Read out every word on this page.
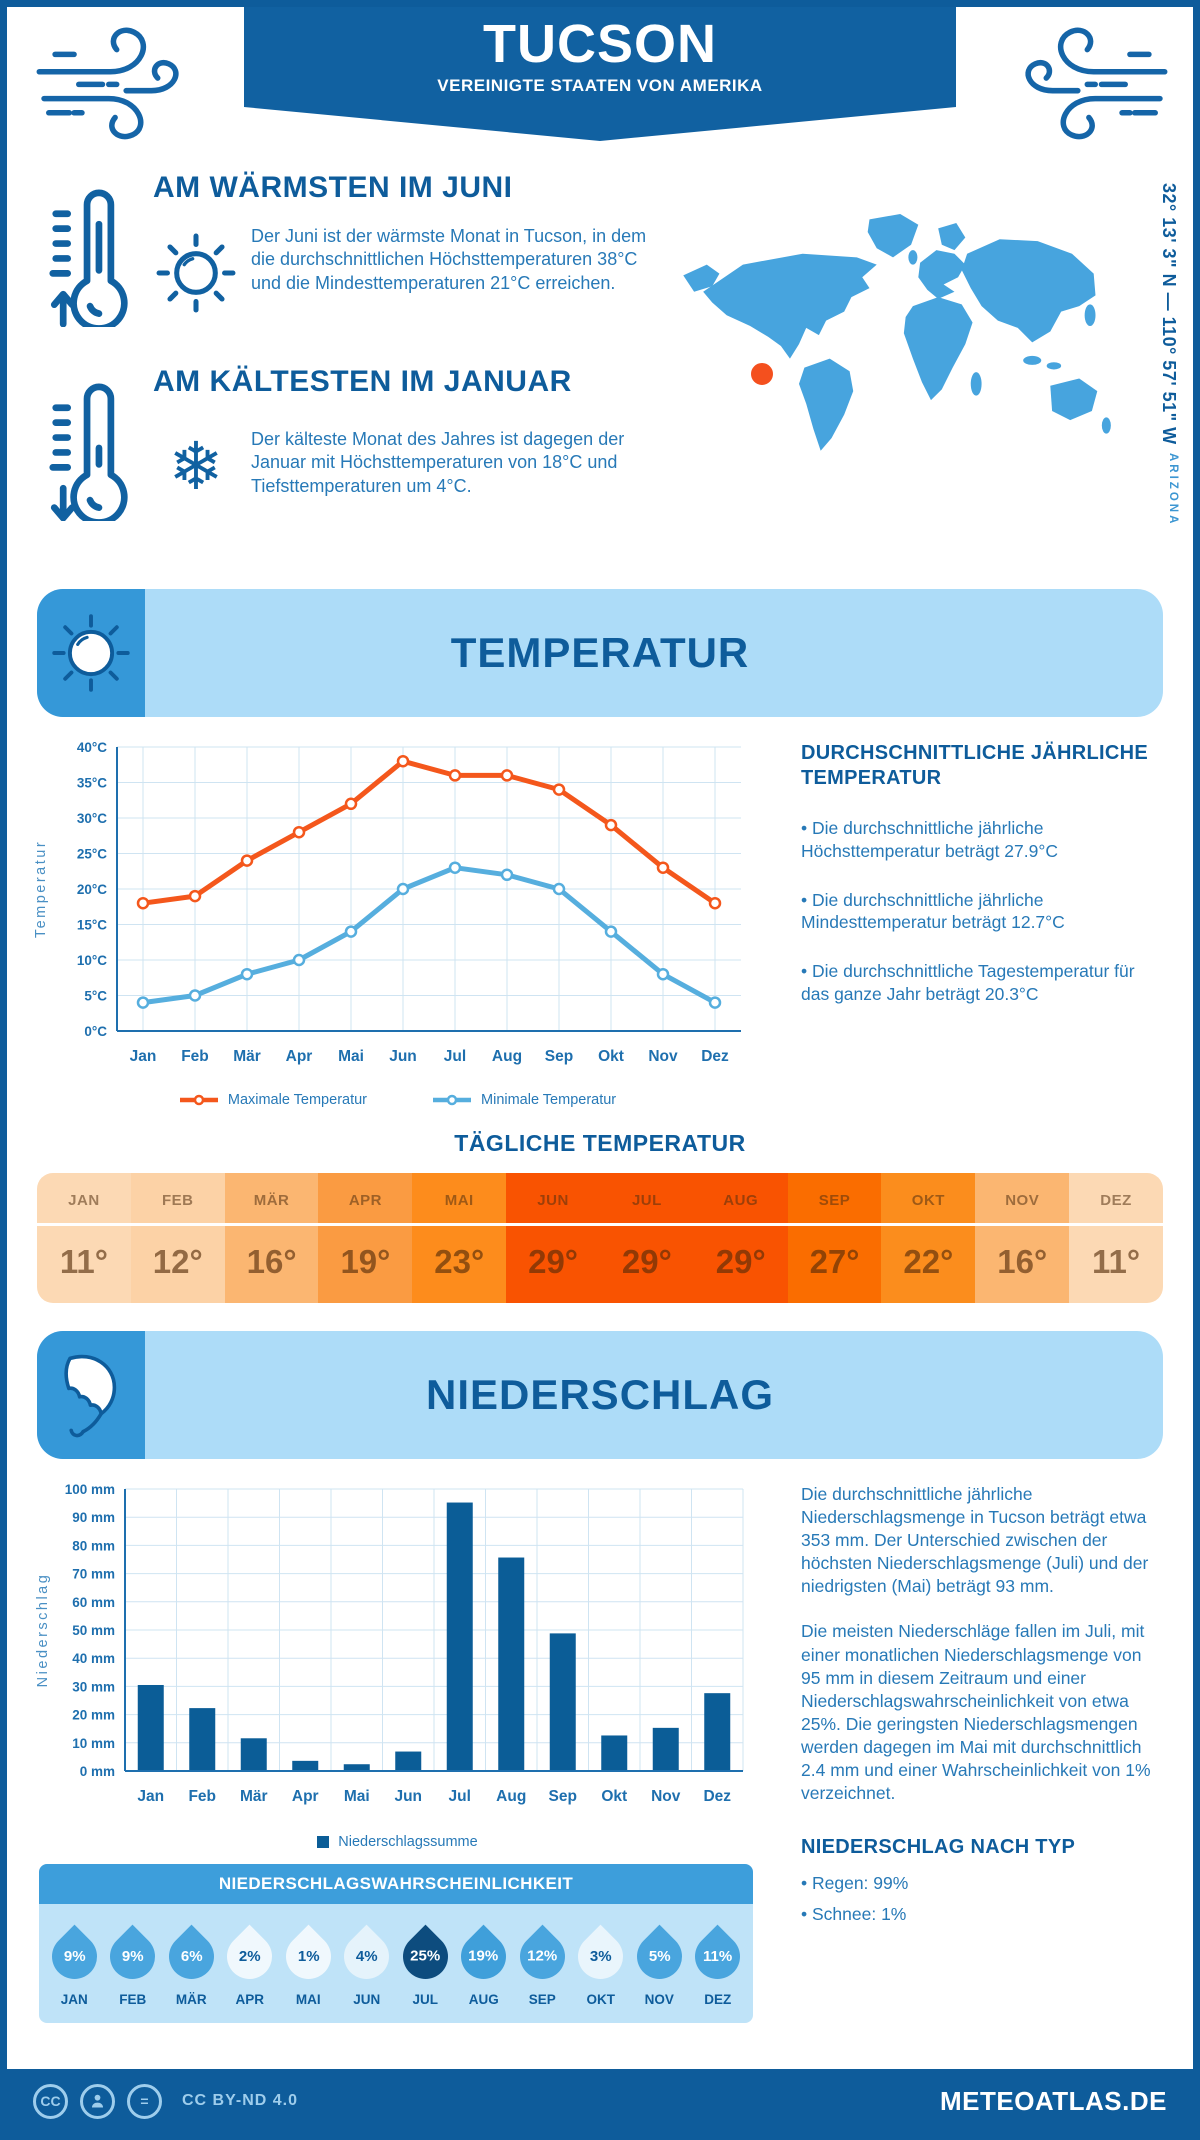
TUCSON
VEREINIGTE STAATEN VON AMERIKA
AM WÄRMSTEN IM JUNI

Der Juni ist der wärmste Monat in Tucson, in dem die durchschnittlichen Höchsttemperaturen 38°C und die Mindesttemperaturen 21°C erreichen.

AM KÄLTESTEN IM JANUAR
❄	Der kälteste Monat des Jahres ist dagegen der Januar mit Höchsttemperaturen von 18°C und Tiefsttemperaturen um 4°C.

32° 13' 3" N — 110° 57' 51" W
ARIZONA
TEMPERATUR
0°C
5°C
10°C
15°C
20°C
25°C
30°C
35°C
40°C
Jan Feb Mär Apr Mai Jun Jul Aug Sep Okt Nov Dez
Temperatur
Maximale Temperatur	Minimale Temperatur
DURCHSCHNITTLICHE JÄHRLICHE TEMPERATUR

• Die durchschnittliche jährliche Höchsttemperatur beträgt 27.9°C

• Die durchschnittliche jährliche Mindesttemperatur beträgt 12.7°C

• Die durchschnittliche Tagestemperatur für das ganze Jahr beträgt 20.3°C

TÄGLICHE TEMPERATUR
JAN
11°
FEB
12°
MÄR
16°
APR
19°
MAI
23°
JUN
29°
JUL
29°
AUG
29°
SEP
27°
OKT
22°
NOV
16°
DEZ
11°
NIEDERSCHLAG
0 mm
10 mm
20 mm
30 mm
40 mm
50 mm
60 mm
70 mm
80 mm
90 mm
100 mm
Jan Feb Mär Apr Mai Jun Jul Aug Sep Okt Nov Dez
Niederschlag
Niederschlagssumme
NIEDERSCHLAGSWAHRSCHEINLICHKEIT
9%
JAN
9%
FEB
6%
MÄR
2%
APR
1%
MAI
4%
JUN
25%
JUL
19%
AUG
12%
SEP
3%
OKT
5%
NOV
11%
DEZ

Die durchschnittliche jährliche Niederschlagsmenge in Tucson beträgt etwa 353 mm. Der Unterschied zwischen der höchsten Niederschlagsmenge (Juli) und der niedrigsten (Mai) beträgt 93 mm.

Die meisten Niederschläge fallen im Juli, mit einer monatlichen Niederschlagsmenge von 95 mm in diesem Zeitraum und einer Niederschlagswahrscheinlichkeit von etwa 25%. Die geringsten Niederschlagsmengen werden dagegen im Mai mit durchschnittlich 2.4 mm und einer Wahrscheinlichkeit von 1% verzeichnet.

NIEDERSCHLAG NACH TYP

• Regen: 99%

• Schnee: 1%

CC	=	CC BY-ND 4.0	METEOATLAS.DE
